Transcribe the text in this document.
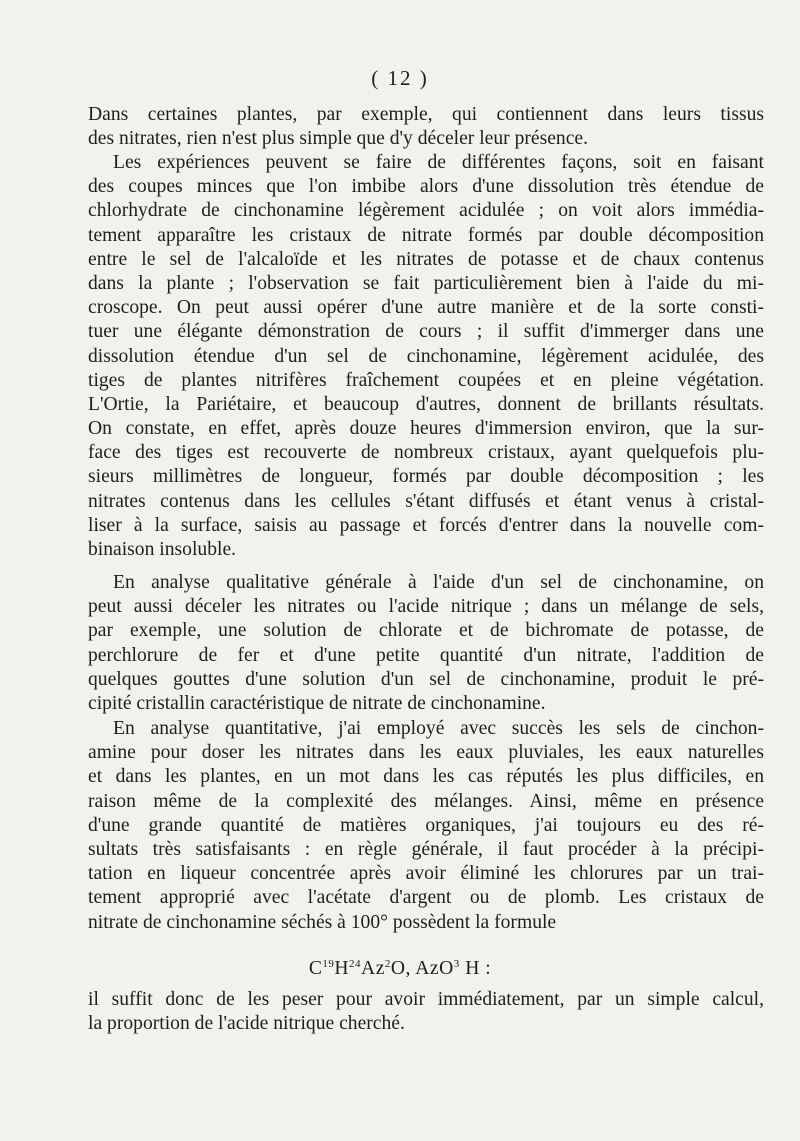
( 12 )
Dans certaines plantes, par exemple, qui contiennent dans leurs tissus
des nitrates, rien n'est plus simple que d'y déceler leur présence.
Les expériences peuvent se faire de différentes façons, soit en faisant
des coupes minces que l'on imbibe alors d'une dissolution très étendue de
chlorhydrate de cinchonamine légèrement acidulée ; on voit alors immédia-
tement apparaître les cristaux de nitrate formés par double décomposition
entre le sel de l'alcaloïde et les nitrates de potasse et de chaux contenus
dans la plante ; l'observation se fait particulièrement bien à l'aide du mi-
croscope. On peut aussi opérer d'une autre manière et de la sorte consti-
tuer une élégante démonstration de cours ; il suffit d'immerger dans une
dissolution étendue d'un sel de cinchonamine, légèrement acidulée, des
tiges de plantes nitrifères fraîchement coupées et en pleine végétation.
L'Ortie, la Pariétaire, et beaucoup d'autres, donnent de brillants résultats.
On constate, en effet, après douze heures d'immersion environ, que la sur-
face des tiges est recouverte de nombreux cristaux, ayant quelquefois plu-
sieurs millimètres de longueur, formés par double décomposition ; les
nitrates contenus dans les cellules s'étant diffusés et étant venus à cristal-
liser à la surface, saisis au passage et forcés d'entrer dans la nouvelle com-
binaison insoluble.
En analyse qualitative générale à l'aide d'un sel de cinchonamine, on
peut aussi déceler les nitrates ou l'acide nitrique ; dans un mélange de sels,
par exemple, une solution de chlorate et de bichromate de potasse, de
perchlorure de fer et d'une petite quantité d'un nitrate, l'addition de
quelques gouttes d'une solution d'un sel de cinchonamine, produit le pré-
cipité cristallin caractéristique de nitrate de cinchonamine.
En analyse quantitative, j'ai employé avec succès les sels de cinchon-
amine pour doser les nitrates dans les eaux pluviales, les eaux naturelles
et dans les plantes, en un mot dans les cas réputés les plus difficiles, en
raison même de la complexité des mélanges. Ainsi, même en présence
d'une grande quantité de matières organiques, j'ai toujours eu des ré-
sultats très satisfaisants : en règle générale, il faut procéder à la précipi-
tation en liqueur concentrée après avoir éliminé les chlorures par un trai-
tement approprié avec l'acétate d'argent ou de plomb. Les cristaux de
nitrate de cinchonamine séchés à 100° possèdent la formule
$C^{19}H^{24}Az^2O$, AzO$^3$ H :
il suffit donc de les peser pour avoir immédiatement, par un simple calcul,
la proportion de l'acide nitrique cherché.
